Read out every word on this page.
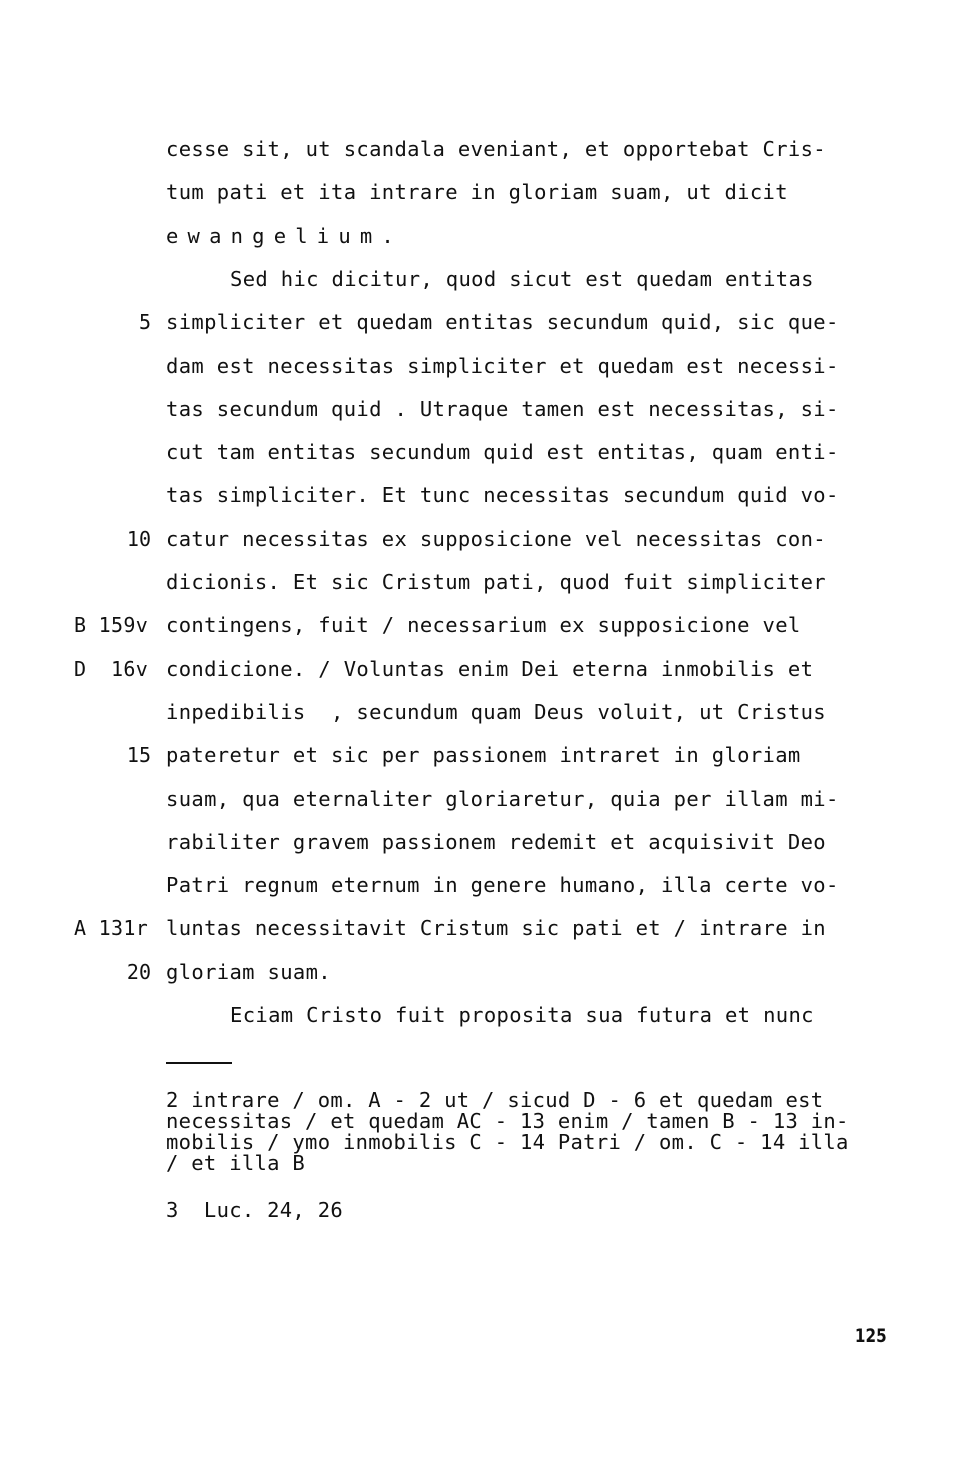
cesse sit, ut scandala eveniant, et opportebat Cris-
tum pati et ita intrare in gloriam suam, ut dicit
ewangelium.
Sed hic dicitur, quod sicut est quedam entitas
5 simpliciter et quedam entitas secundum quid, sic que-
dam est necessitas simpliciter et quedam est necessi-
tas secundum quid . Utraque tamen est necessitas, si-
cut tam entitas secundum quid est entitas, quam enti-
tas simpliciter. Et tunc necessitas secundum quid vo-
10 catur necessitas ex supposicione vel necessitas con-
dicionis. Et sic Cristum pati, quod fuit simpliciter
B 159v contingens, fuit / necessarium ex supposicione vel
D  16v condicione. / Voluntas enim Dei eterna inmobilis et
inpedibilis  , secundum quam Deus voluit, ut Cristus
15 pateretur et sic per passionem intraret in gloriam
suam, qua eternaliter gloriaretur, quia per illam mi-
rabiliter gravem passionem redemit et acquisivit Deo
Patri regnum eternum in genere humano, illa certe vo-
A 131r luntas necessitavit Cristum sic pati et / intrare in
20 gloriam suam.
Eciam Cristo fuit proposita sua futura et nunc
2 intrare / om. A - 2 ut / sicud D - 6 et quedam est
necessitas / et quedam AC - 13 enim / tamen B - 13 in-
mobilis / ymo inmobilis C - 14 Patri / om. C - 14 illa
/ et illa B
3  Luc. 24, 26
125
